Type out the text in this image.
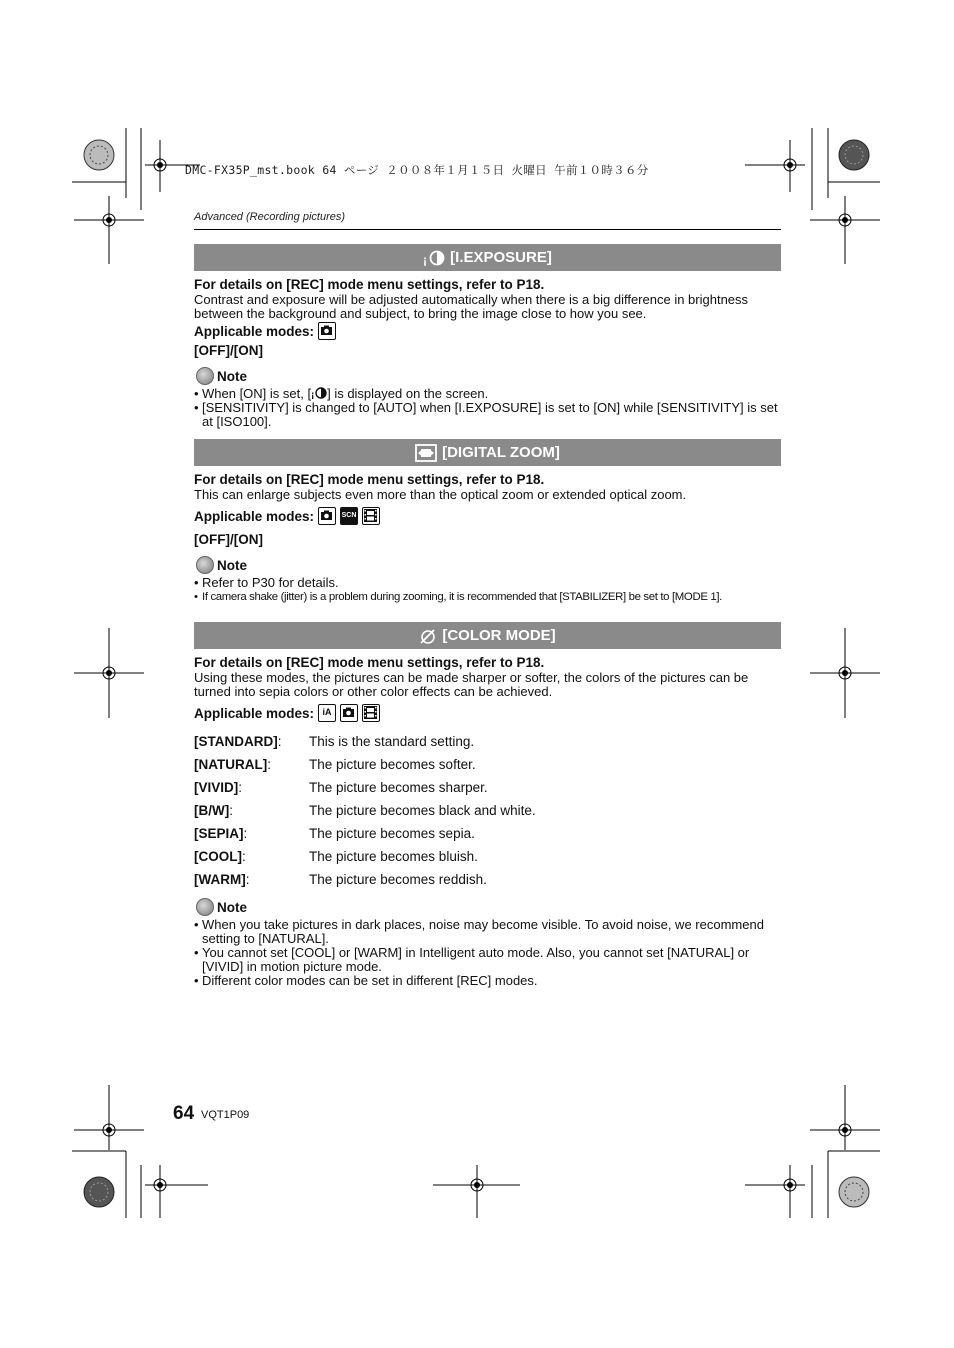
DMC-FX35P_mst.book 64 ページ ２００８年１月１５日 火曜日 午前１０時３６分
Advanced (Recording pictures)
¡ [I.EXPOSURE]
For details on [REC] mode menu settings, refer to P18.
Contrast and exposure will be adjusted automatically when there is a big difference in brightness between the background and subject, to bring the image close to how you see.
Applicable modes:
[OFF]/[ON]
Note
• When [ON] is set, [ ¡ ] is displayed on the screen.
• [SENSITIVITY] is changed to [AUTO] when [I.EXPOSURE] is set to [ON] while [SENSITIVITY] is set at [ISO100].
[DIGITAL ZOOM]
For details on [REC] mode menu settings, refer to P18.
This can enlarge subjects even more than the optical zoom or extended optical zoom.
Applicable modes:	SCN
[OFF]/[ON]
Note
• Refer to P30 for details.
• If camera shake (jitter) is a problem during zooming, it is recommended that [STABILIZER] be set to [MODE 1].
[COLOR MODE]
For details on [REC] mode menu settings, refer to P18.
Using these modes, the pictures can be made sharper or softer, the colors of the pictures can be turned into sepia colors or other color effects can be achieved.
Applicable modes: iA
[STANDARD]:	This is the standard setting.
[NATURAL]:	The picture becomes softer.
[VIVID]:	The picture becomes sharper.
[B/W]:	The picture becomes black and white.
[SEPIA]:	The picture becomes sepia.
[COOL]:	The picture becomes bluish.
[WARM]:	The picture becomes reddish.
Note
• When you take pictures in dark places, noise may become visible. To avoid noise, we recommend setting to [NATURAL].
• You cannot set [COOL] or [WARM] in Intelligent auto mode. Also, you cannot set [NATURAL] or [VIVID] in motion picture mode.
• Different color modes can be set in different [REC] modes.
64 VQT1P09
